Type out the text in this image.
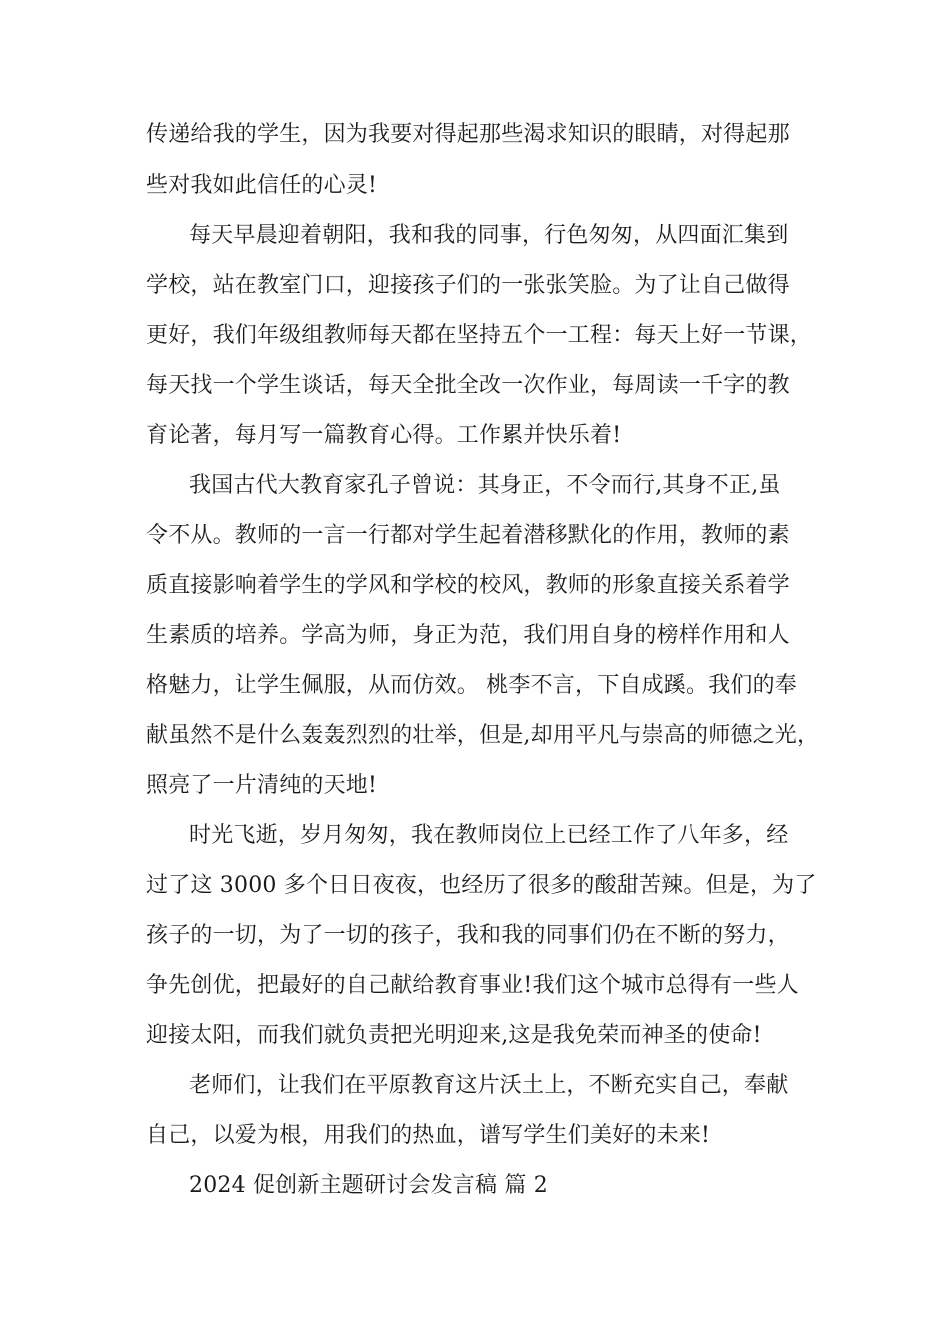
传递给我的学生，因为我要对得起那些渴求知识的眼睛，对得起那

些对我如此信任的心灵!

每天早晨迎着朝阳，我和我的同事，行色匆匆，从四面汇集到

学校，站在教室门口，迎接孩子们的一张张笑脸。为了让自己做得

更好，我们年级组教师每天都在坚持五个一工程：每天上好一节课，

每天找一个学生谈话，每天全批全改一次作业，每周读一千字的教

育论著，每月写一篇教育心得。工作累并快乐着!

我国古代大教育家孔子曾说：其身正，不令而行,其身不正,虽

令不从。教师的一言一行都对学生起着潜移默化的作用，教师的素

质直接影响着学生的学风和学校的校风，教师的形象直接关系着学

生素质的培养。学高为师，身正为范，我们用自身的榜样作用和人

格魅力，让学生佩服，从而仿效。 桃李不言，下自成蹊。我们的奉

献虽然不是什么轰轰烈烈的壮举，但是,却用平凡与崇高的师德之光，

照亮了一片清纯的天地!

时光飞逝，岁月匆匆，我在教师岗位上已经工作了八年多，经

过了这 3000 多个日日夜夜，也经历了很多的酸甜苦辣。但是，为了

孩子的一切，为了一切的孩子，我和我的同事们仍在不断的努力，

争先创优，把最好的自己献给教育事业!我们这个城市总得有一些人

迎接太阳，而我们就负责把光明迎来,这是我免荣而神圣的使命!

老师们，让我们在平原教育这片沃土上，不断充实自己，奉献

自己，以爱为根，用我们的热血，谱写学生们美好的未来!

2024 促创新主题研讨会发言稿 篇 2
